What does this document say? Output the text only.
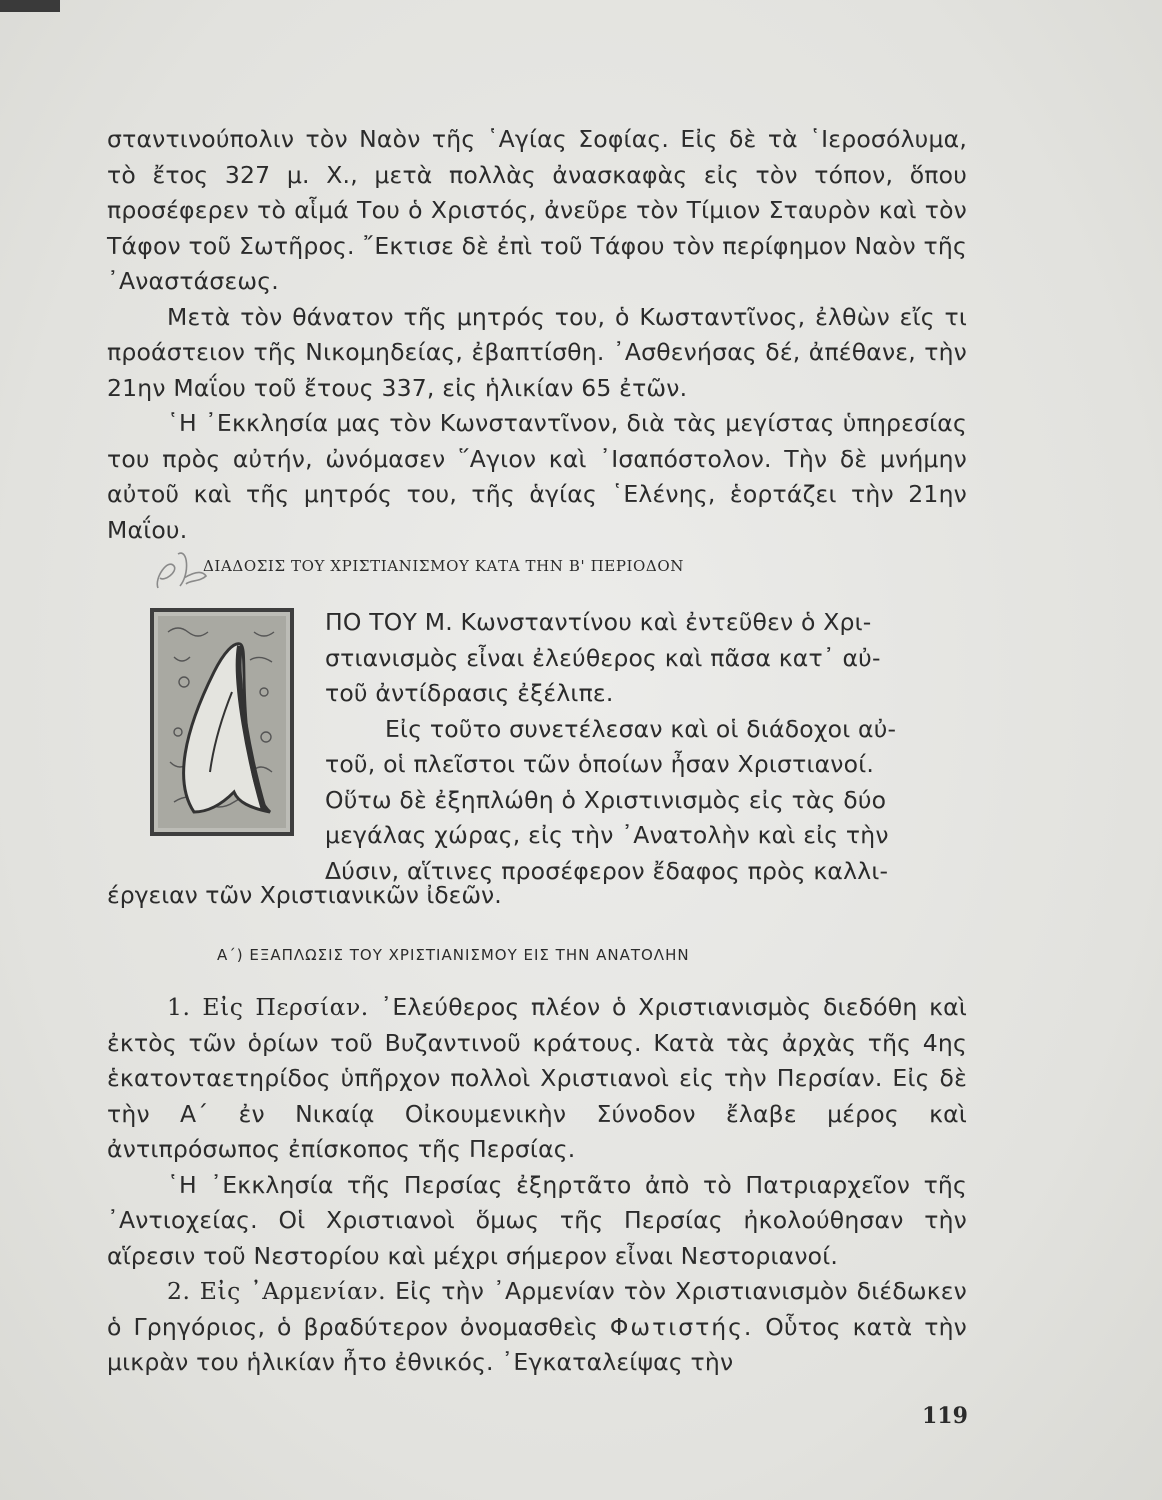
σταντινούπολιν τὸν Ναὸν τῆς ῾Αγίας Σοφίας. Εἰς δὲ τὰ ῾Ιεροσόλυμα, τὸ ἔτος 327 μ. Χ., μετὰ πολλὰς ἀνασκαφὰς εἰς τὸν τόπον, ὅπου προσέφερεν τὸ αἷμά Του ὁ Χριστός, ἀνεῦρε τὸν Τίμιον Σταυρὸν καὶ τὸν Τάφον τοῦ Σωτῆρος. ῎Εκτισε δὲ ἐπὶ τοῦ Τάφου τὸν περίφημον Ναὸν τῆς ᾿Αναστάσεως.

Μετὰ τὸν θάνατον τῆς μητρός του, ὁ Κωσταντῖνος, ἐλθὼν εἴς τι προάστειον τῆς Νικομηδείας, ἐβαπτίσθη. ᾿Ασθενήσας δέ, ἀπέθανε, τὴν 21ην Μαΐου τοῦ ἔτους 337, εἰς ἡλικίαν 65 ἐτῶν.

῾Η ᾿Εκκλησία μας τὸν Κωνσταντῖνον, διὰ τὰς μεγίστας ὑπηρεσίας του πρὸς αὐτήν, ὠνόμασεν ῞Αγιον καὶ ᾿Ισαπόστολον. Τὴν δὲ μνήμην αὐτοῦ καὶ τῆς μητρός του, τῆς ἁγίας ῾Ελένης, ἑορτάζει τὴν 21ην Μαΐου.

ΔΙΑΔΟΣΙΣ ΤΟΥ ΧΡΙΣΤΙΑΝΙΣΜΟΥ ΚΑΤΑ ΤΗΝ Β' ΠΕΡΙΟΔΟΝ
ΠΟ ΤΟΥ Μ. Κωνσταντίνου καὶ ἐντεῦθεν ὁ Χρι-
στιανισμὸς εἶναι ἐλεύθερος καὶ πᾶσα κατ᾿ αὐ-
τοῦ ἀντίδρασις ἐξέλιπε.
Εἰς τοῦτο συνετέλεσαν καὶ οἱ διάδοχοι αὐ-
τοῦ, οἱ πλεῖστοι τῶν ὁποίων ἦσαν Χριστιανοί.
Οὕτω δὲ ἐξηπλώθη ὁ Χριστινισμὸς εἰς τὰς δύο
μεγάλας χώρας, εἰς τὴν ᾿Ανατολὴν καὶ εἰς τὴν
Δύσιν, αἵτινες προσέφερον ἔδαφος πρὸς καλλι-
έργειαν τῶν Χριστιανικῶν ἰδεῶν.
Α΄) ΕΞΑΠΛΩΣΙΣ ΤΟΥ ΧΡΙΣΤΙΑΝΙΣΜΟΥ ΕΙΣ ΤΗΝ ΑΝΑΤΟΛΗΝ

1. Εἰς Περσίαν. ᾿Ελεύθερος πλέον ὁ Χριστιανισμὸς διεδόθη καὶ ἐκτὸς τῶν ὁρίων τοῦ Βυζαντινοῦ κράτους. Κατὰ τὰς ἀρχὰς τῆς 4ης ἑκατονταετηρίδος ὑπῆρχον πολλοὶ Χριστιανοὶ εἰς τὴν Περσίαν. Εἰς δὲ τὴν Α΄ ἐν Νικαίᾳ Οἰκουμενικὴν Σύνοδον ἔλαβε μέρος καὶ ἀντιπρόσωπος ἐπίσκοπος τῆς Περσίας.

῾Η ᾿Εκκλησία τῆς Περσίας ἐξηρτᾶτο ἀπὸ τὸ Πατριαρχεῖον τῆς ᾿Αντιοχείας. Οἱ Χριστιανοὶ ὅμως τῆς Περσίας ἠκολούθησαν τὴν αἵρεσιν τοῦ Νεστορίου καὶ μέχρι σήμερον εἶναι Νεστοριανοί.

2. Εἰς ᾿Αρμενίαν. Εἰς τὴν ᾿Αρμενίαν τὸν Χριστιανισμὸν διέδωκεν ὁ Γρηγόριος, ὁ βραδύτερον ὀνομασθεὶς Φωτιστής. Οὗτος κατὰ τὴν μικρὰν του ἡλικίαν ἦτο ἐθνικός. ᾿Εγκαταλείψας τὴν

119
